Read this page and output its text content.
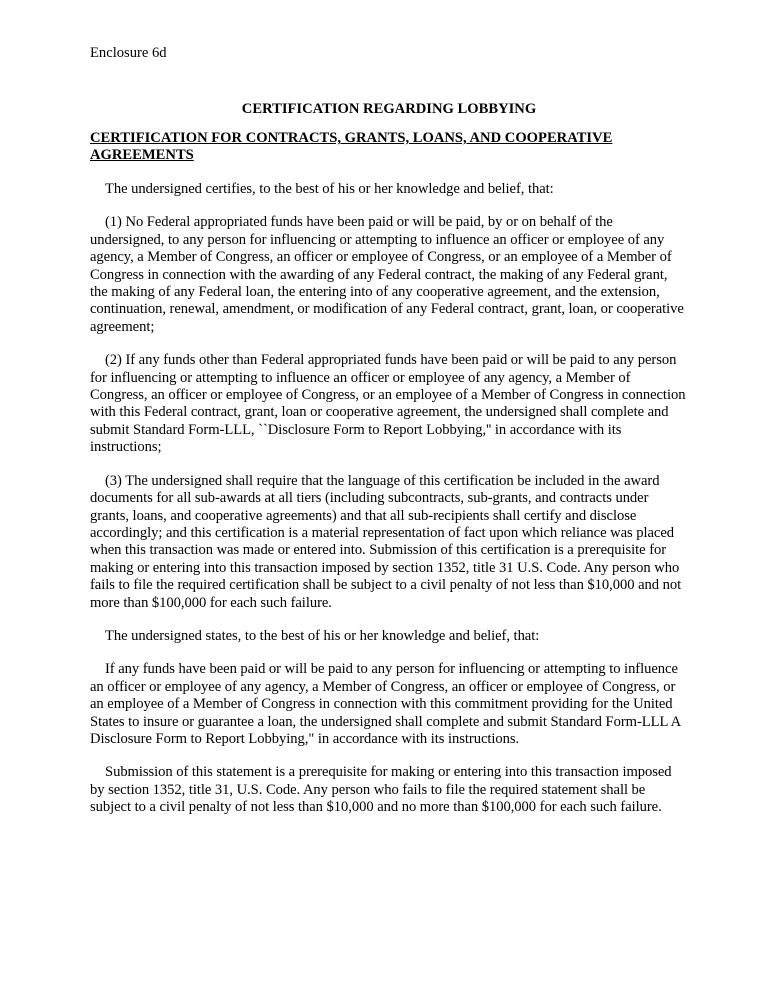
Enclosure 6d
CERTIFICATION REGARDING LOBBYING
CERTIFICATION FOR CONTRACTS, GRANTS, LOANS, AND COOPERATIVE AGREEMENTS

The undersigned certifies, to the best of his or her knowledge and belief, that:

(1) No Federal appropriated funds have been paid or will be paid, by or on behalf of the undersigned, to any person for influencing or attempting to influence an officer or employee of any agency, a Member of Congress, an officer or employee of Congress, or an employee of a Member of Congress in connection with the awarding of any Federal contract, the making of any Federal grant, the making of any Federal loan, the entering into of any cooperative agreement, and the extension, continuation, renewal, amendment, or modification of any Federal contract, grant, loan, or cooperative agreement;

(2) If any funds other than Federal appropriated funds have been paid or will be paid to any person for influencing or attempting to influence an officer or employee of any agency, a Member of Congress, an officer or employee of Congress, or an employee of a Member of Congress in connection with this Federal contract, grant, loan or cooperative agreement, the undersigned shall complete and submit Standard Form-LLL, ``Disclosure Form to Report Lobbying,'' in accordance with its instructions;

(3) The undersigned shall require that the language of this certification be included in the award documents for all sub-awards at all tiers (including subcontracts, sub-grants, and contracts under grants, loans, and cooperative agreements) and that all sub-recipients shall certify and disclose accordingly; and this certification is a material representation of fact upon which reliance was placed when this transaction was made or entered into. Submission of this certification is a prerequisite for making or entering into this transaction imposed by section 1352, title 31 U.S. Code. Any person who fails to file the required certification shall be subject to a civil penalty of not less than $10,000 and not more than $100,000 for each such failure.

The undersigned states, to the best of his or her knowledge and belief, that:

If any funds have been paid or will be paid to any person for influencing or attempting to influence an officer or employee of any agency, a Member of Congress, an officer or employee of Congress, or an employee of a Member of Congress in connection with this commitment providing for the United States to insure or guarantee a loan, the undersigned shall complete and submit Standard Form-LLL A Disclosure Form to Report Lobbying," in accordance with its instructions.

Submission of this statement is a prerequisite for making or entering into this transaction imposed by section 1352, title 31, U.S. Code. Any person who fails to file the required statement shall be subject to a civil penalty of not less than $10,000 and no more than $100,000 for each such failure.
